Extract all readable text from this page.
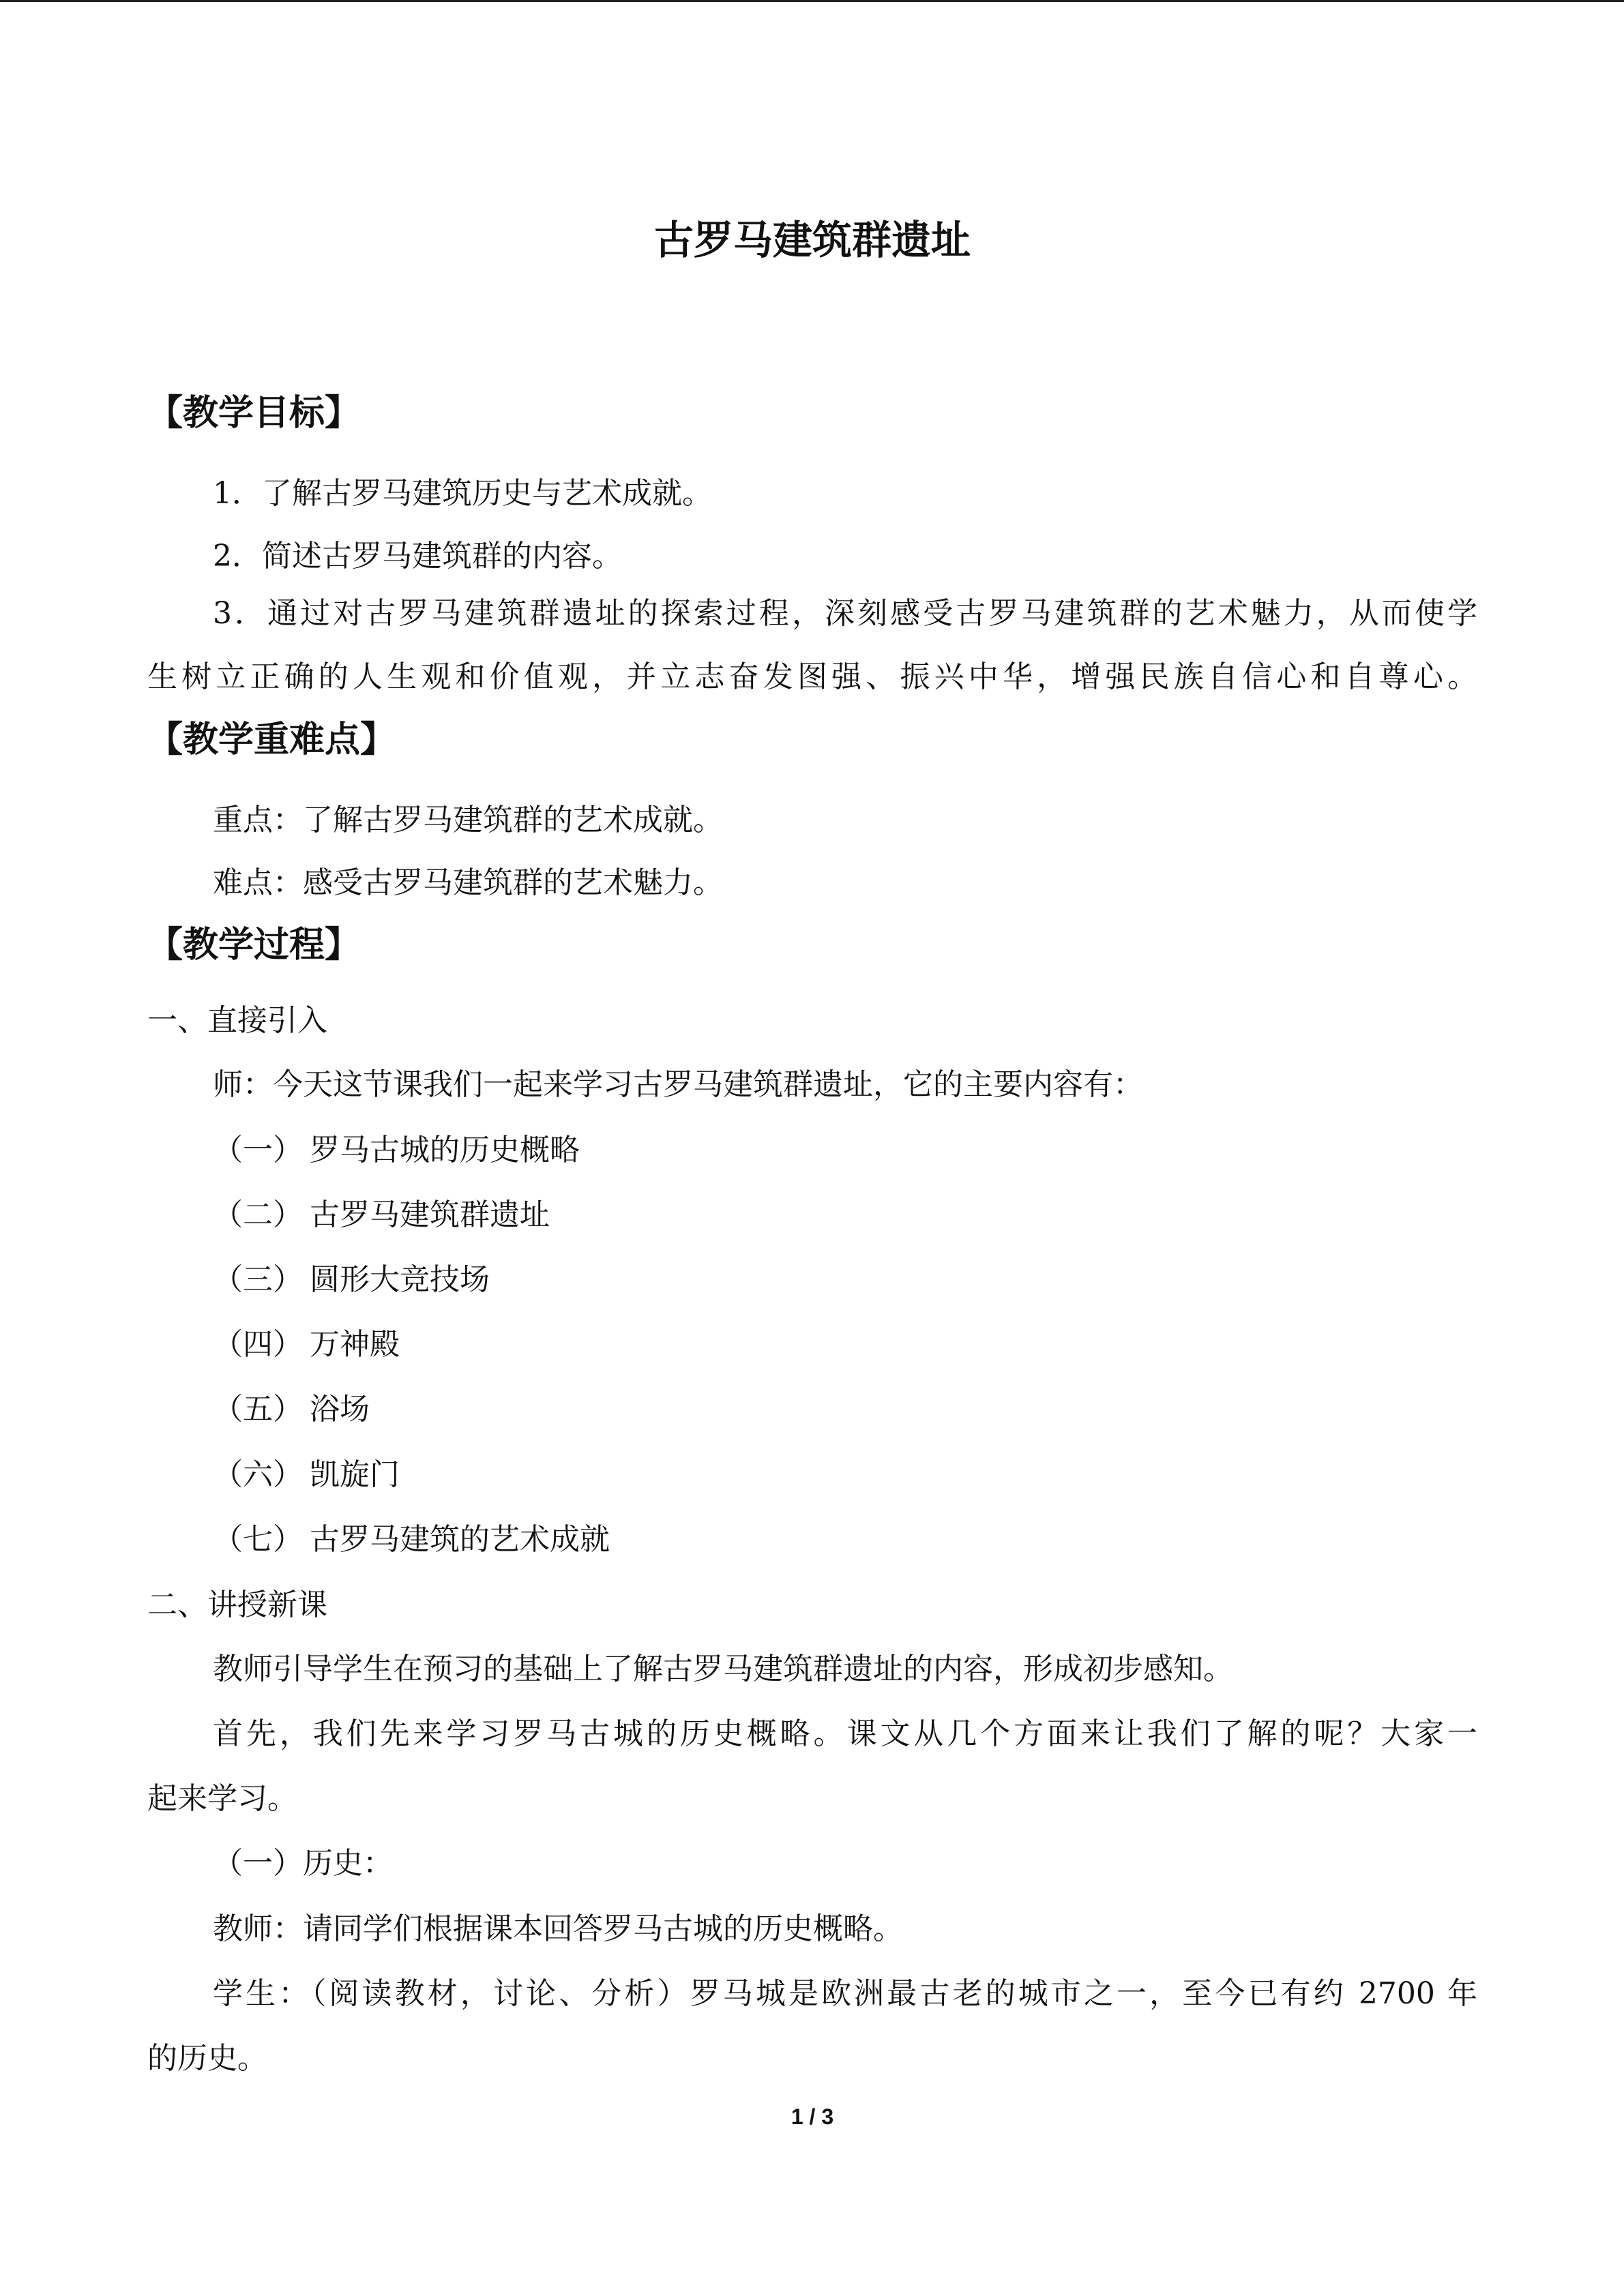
古罗马建筑群遗址
【教学目标】
1．了解古罗马建筑历史与艺术成就。
2．简述古罗马建筑群的内容。
3．通过对古罗马建筑群遗址的探索过程，深刻感受古罗马建筑群的艺术魅力，从而使学
生树立正确的人生观和价值观，并立志奋发图强、振兴中华，增强民族自信心和自尊心。
【教学重难点】
重点：了解古罗马建筑群的艺术成就。
难点：感受古罗马建筑群的艺术魅力。
【教学过程】
一、直接引入
师：今天这节课我们一起来学习古罗马建筑群遗址，它的主要内容有：
（一） 罗马古城的历史概略
（二） 古罗马建筑群遗址
（三） 圆形大竞技场
（四） 万神殿
（五） 浴场
（六） 凯旋门
（七） 古罗马建筑的艺术成就
二、讲授新课
教师引导学生在预习的基础上了解古罗马建筑群遗址的内容，形成初步感知。
首先，我们先来学习罗马古城的历史概略。课文从几个方面来让我们了解的呢？大家一
起来学习。
（一）历史：
教师：请同学们根据课本回答罗马古城的历史概略。
学生：（阅读教材，讨论、分析）罗马城是欧洲最古老的城市之一，至今已有约 2700 年
的历史。
1 / 3
